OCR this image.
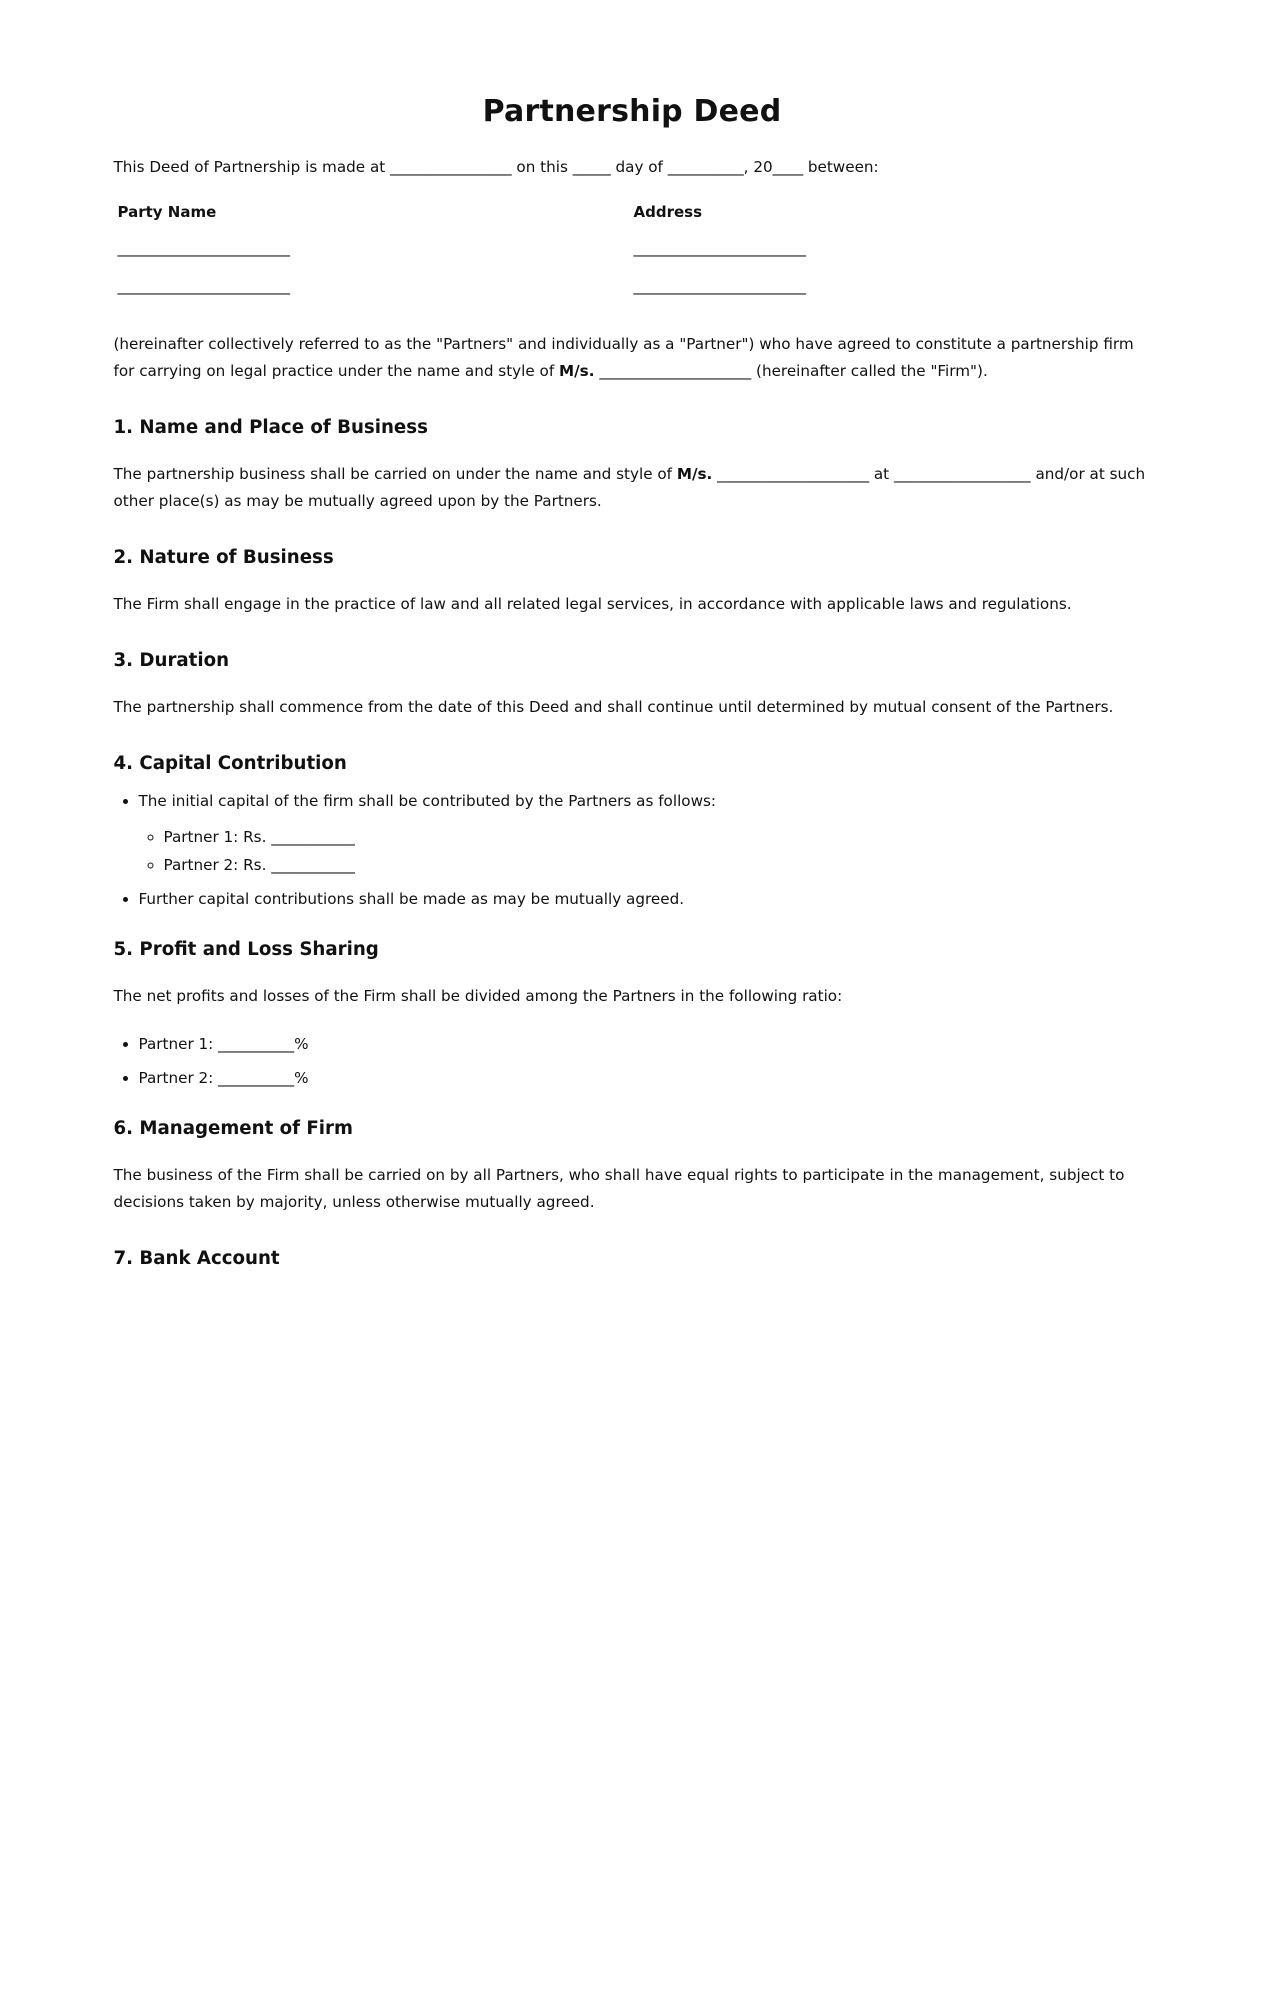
Partnership Deed

This Deed of Partnership is made at ________________ on this _____ day of __________, 20____ between:

Party Name	Address
_______________________	_______________________
_______________________	_______________________

(hereinafter collectively referred to as the "Partners" and individually as a "Partner") who have agreed to constitute a partnership firm for carrying on legal practice under the name and style of M/s. ____________________ (hereinafter called the "Firm").

1. Name and Place of Business

The partnership business shall be carried on under the name and style of M/s. ____________________ at __________________ and/or at such other place(s) as may be mutually agreed upon by the Partners.

2. Nature of Business

The Firm shall engage in the practice of law and all related legal services, in accordance with applicable laws and regulations.

3. Duration

The partnership shall commence from the date of this Deed and shall continue until determined by mutual consent of the Partners.

4. Capital Contribution
• The initial capital of the firm shall be contributed by the Partners as follows:
◦ Partner 1: Rs. ___________
◦ Partner 2: Rs. ___________
• Further capital contributions shall be made as may be mutually agreed.
5. Profit and Loss Sharing

The net profits and losses of the Firm shall be divided among the Partners in the following ratio:

• Partner 1: __________%
• Partner 2: __________%
6. Management of Firm

The business of the Firm shall be carried on by all Partners, who shall have equal rights to participate in the management, subject to decisions taken by majority, unless otherwise mutually agreed.

7. Bank Account
